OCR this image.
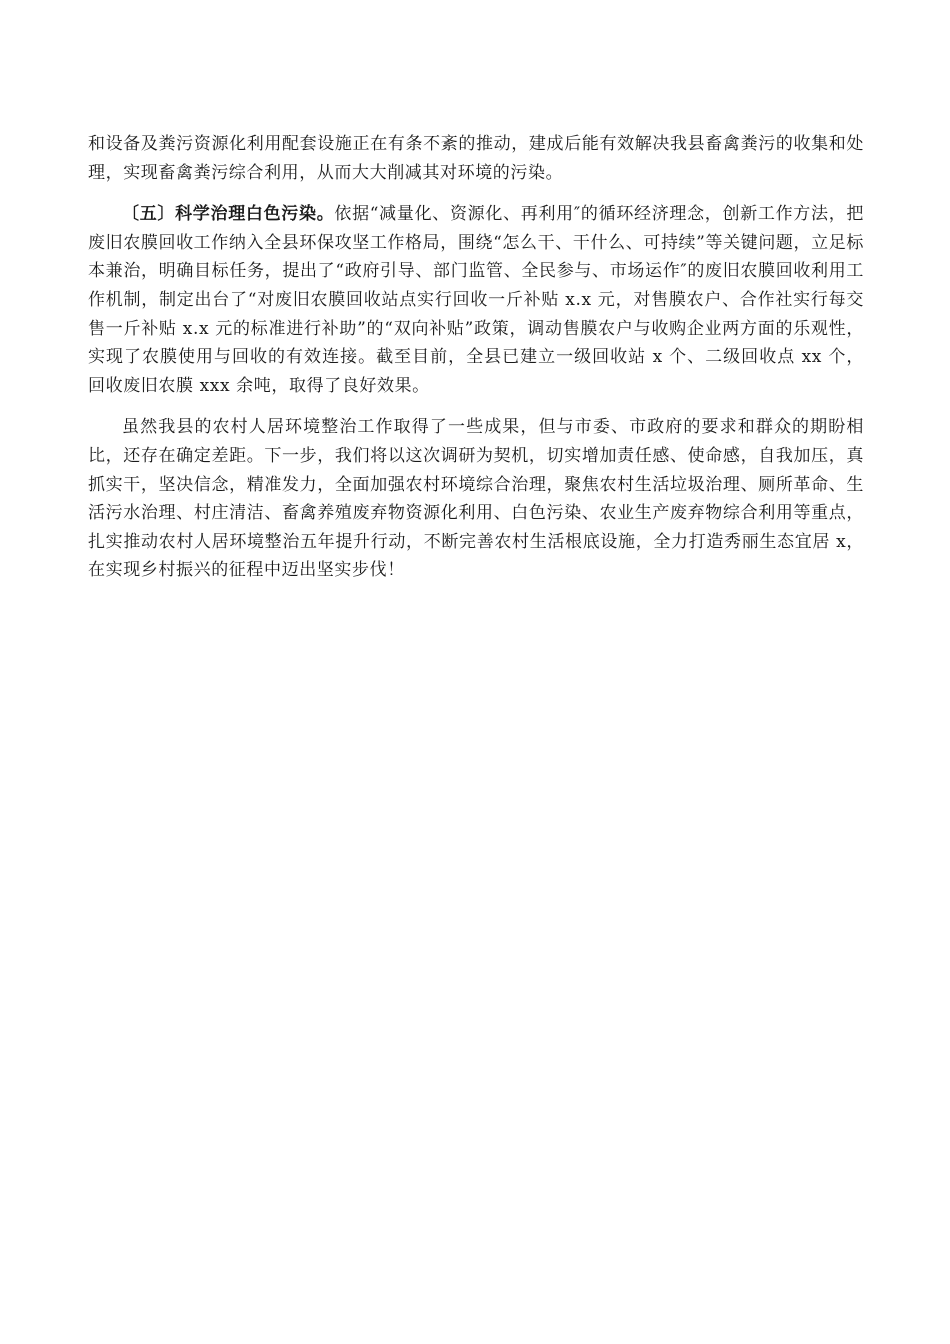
和设备及粪污资源化利用配套设施正在有条不紊的推动，建成后能有效解决我县畜禽粪污的收集和处理，实现畜禽粪污综合利用，从而大大削减其对环境的污染。

〔五〕科学治理白色污染。依据“减量化、资源化、再利用″的循环经济理念，创新工作方法，把废旧农膜回收工作纳入全县环保攻坚工作格局，围绕“怎么干、干什么、可持续”等关键问题，立足标本兼治，明确目标任务，提出了“政府引导、部门监管、全民参与、市场运作″的废旧农膜回收利用工作机制，制定出台了“对废旧农膜回收站点实行回收一斤补贴 x.x 元，对售膜农户、合作社实行每交售一斤补贴 x.x 元的标准进行补助”的“双向补贴”政策，调动售膜农户与收购企业两方面的乐观性，实现了农膜使用与回收的有效连接。截至目前，全县已建立一级回收站 x 个、二级回收点 xx 个，回收废旧农膜 xxx 余吨，取得了良好效果。

虽然我县的农村人居环境整治工作取得了一些成果，但与市委、市政府的要求和群众的期盼相比，还存在确定差距。下一步，我们将以这次调研为契机，切实增加责任感、使命感，自我加压，真抓实干，坚决信念，精准发力，全面加强农村环境综合治理，聚焦农村生活垃圾治理、厕所革命、生活污水治理、村庄清洁、畜禽养殖废弃物资源化利用、白色污染、农业生产废弃物综合利用等重点，扎实推动农村人居环境整治五年提升行动，不断完善农村生活根底设施，全力打造秀丽生态宜居 x，在实现乡村振兴的征程中迈出坚实步伐！
